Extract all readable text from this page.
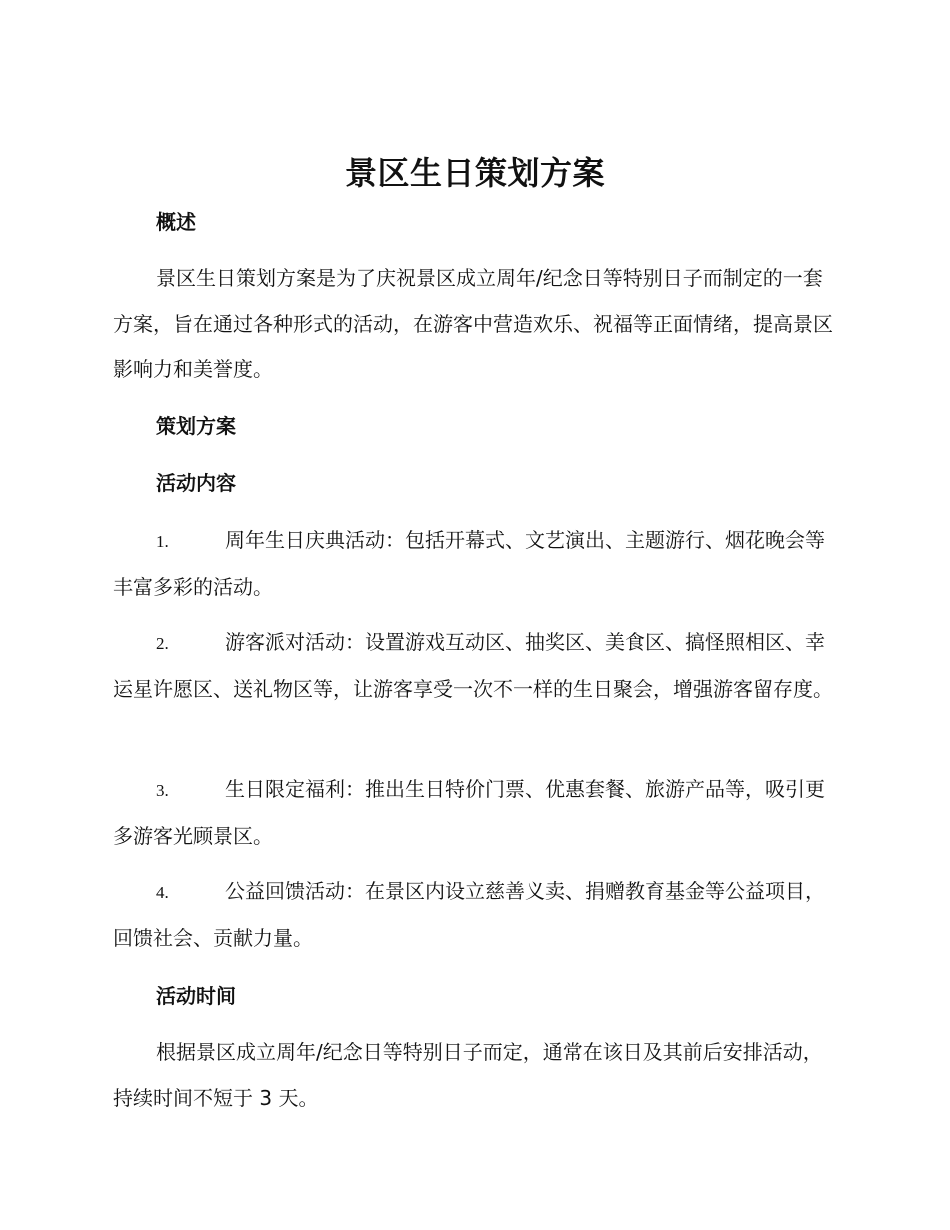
景区生日策划方案
概述

景区生日策划方案是为了庆祝景区成立周年/纪念日等特别日子而制定的一套方案，旨在通过各种形式的活动，在游客中营造欢乐、祝福等正面情绪，提高景区影响力和美誉度。

策划方案
活动内容

1.	周年生日庆典活动：包括开幕式、文艺演出、主题游行、烟花晚会等丰富多彩的活动。

2.	游客派对活动：设置游戏互动区、抽奖区、美食区、搞怪照相区、幸运星许愿区、送礼物区等，让游客享受一次不一样的生日聚会，增强游客留存度。

3.	生日限定福利：推出生日特价门票、优惠套餐、旅游产品等，吸引更多游客光顾景区。

4.	公益回馈活动：在景区内设立慈善义卖、捐赠教育基金等公益项目，回馈社会、贡献力量。

活动时间

根据景区成立周年/纪念日等特别日子而定，通常在该日及其前后安排活动，持续时间不短于 3 天。
